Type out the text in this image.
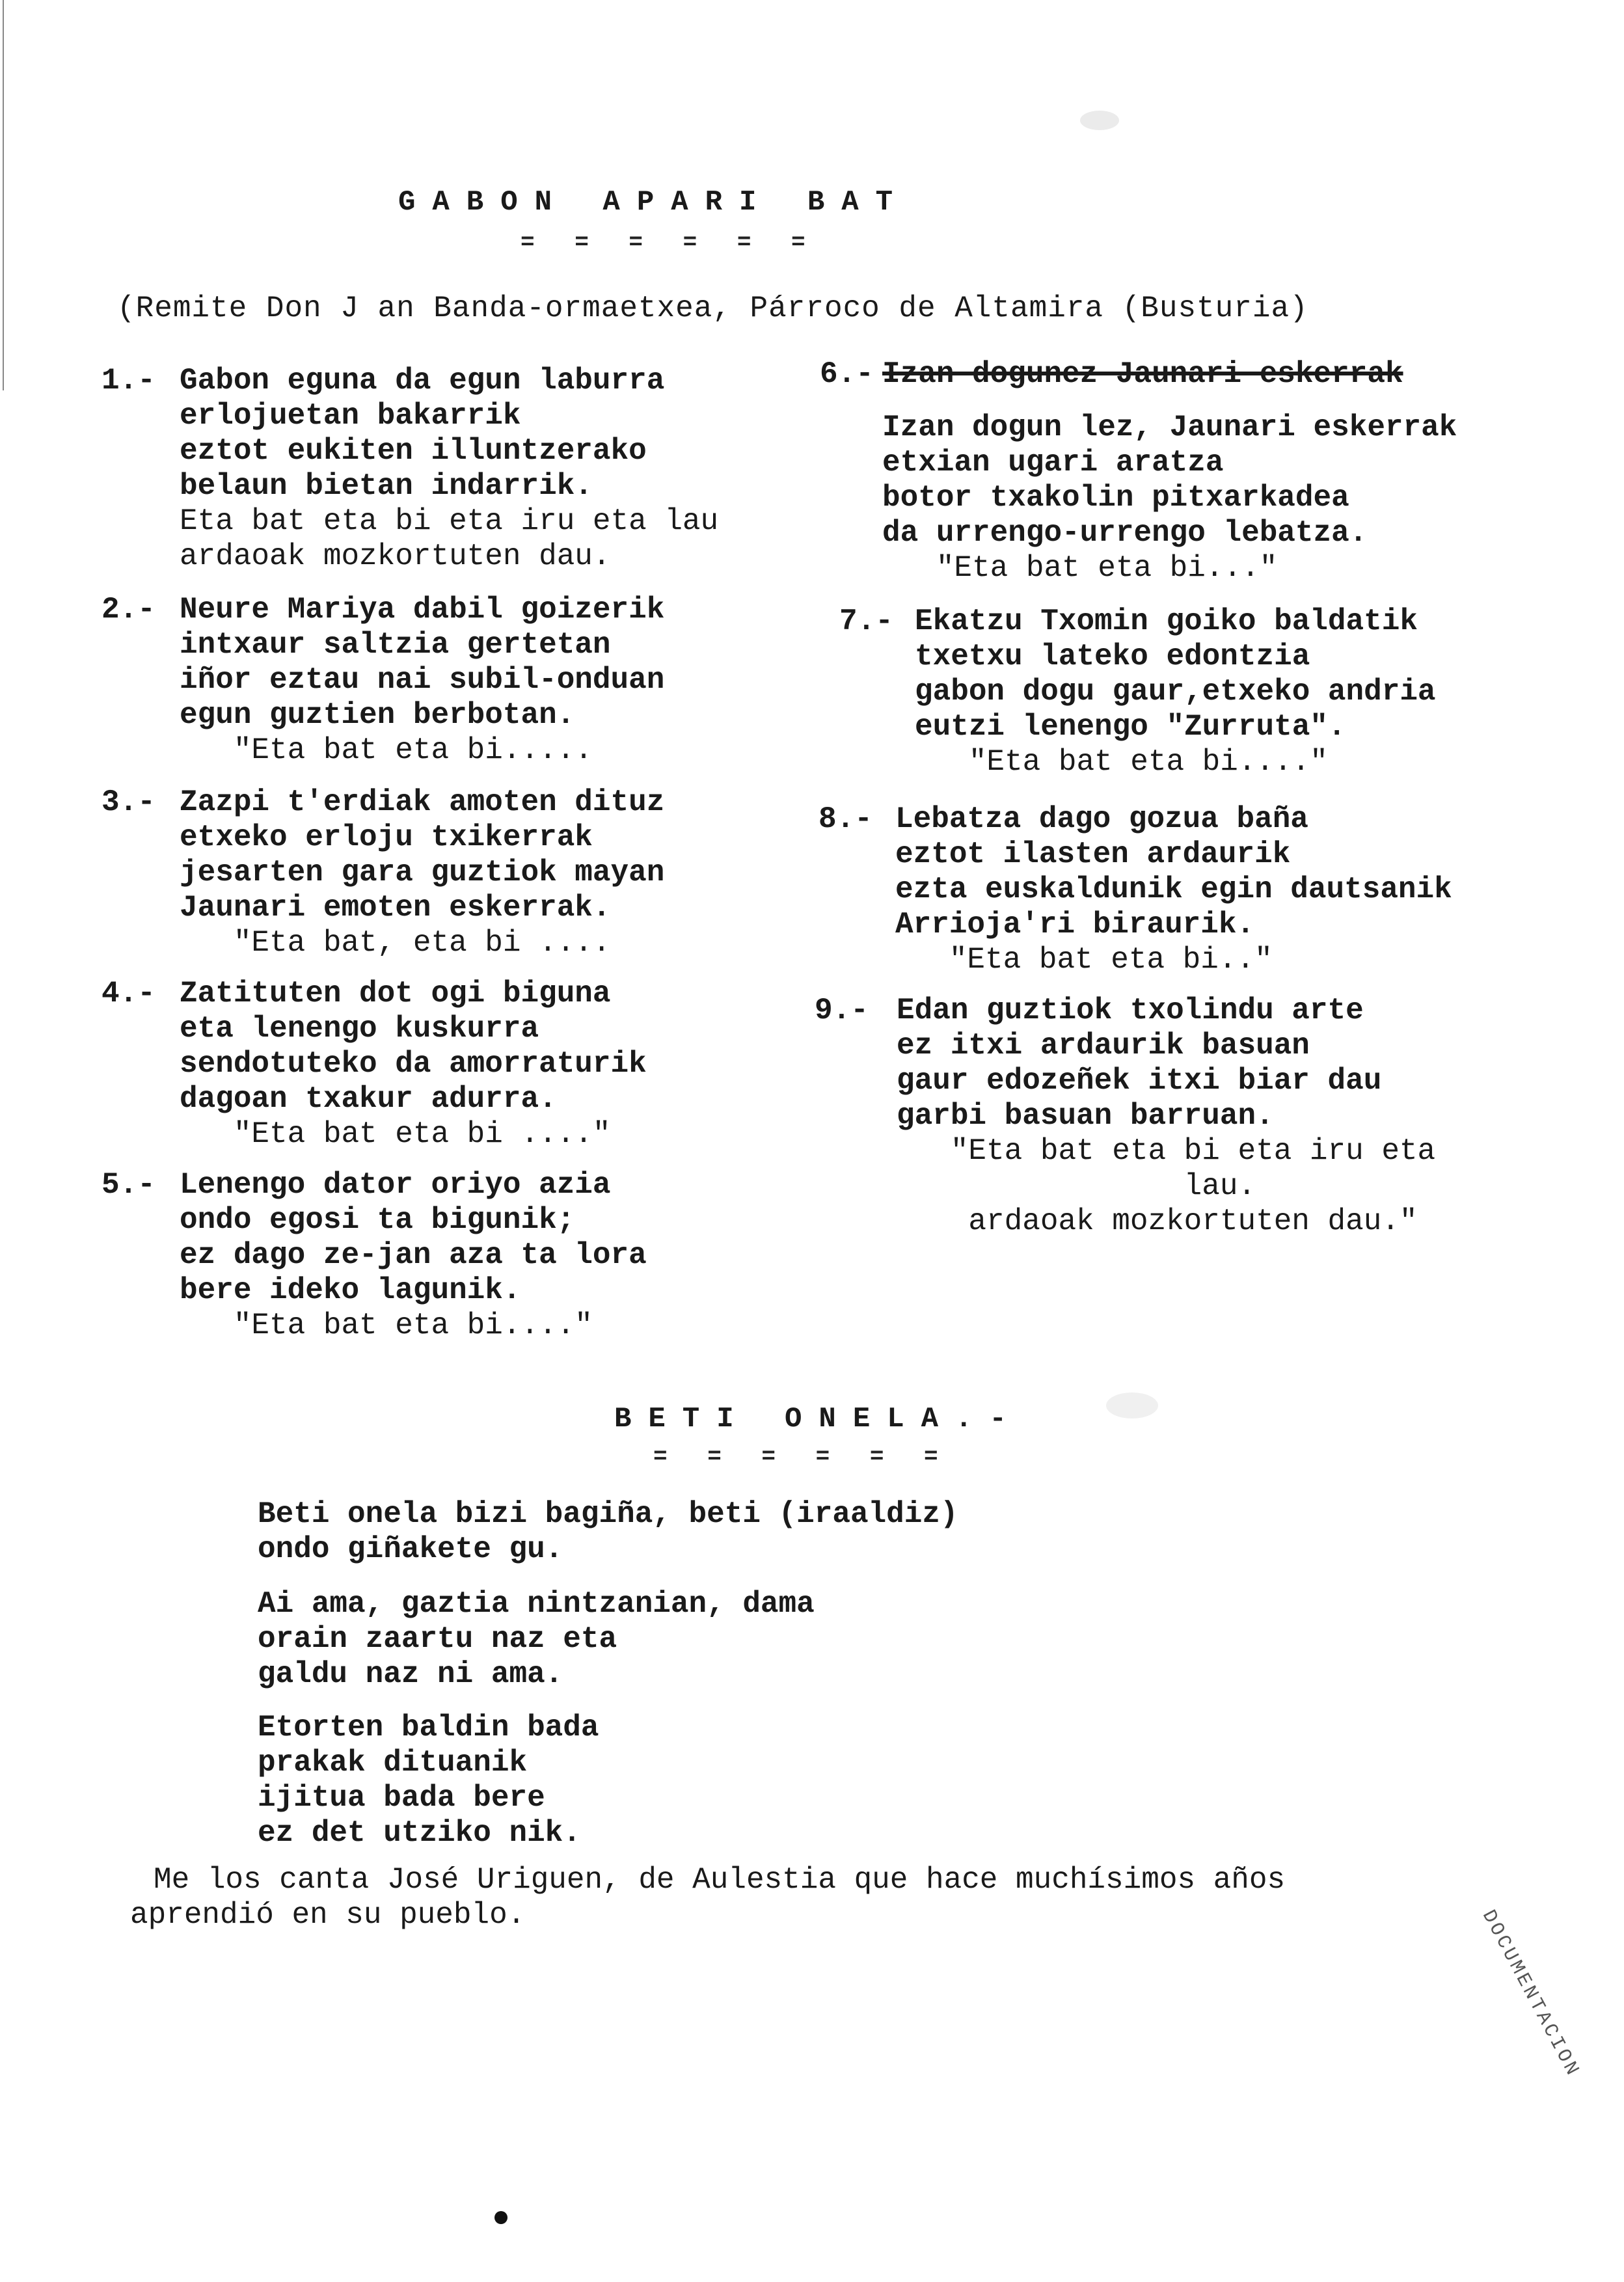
GABON APARI BAT
= = = = = =
(Remite Don J an Banda-ormaetxea, Párroco de Altamira (Busturia)
1.- Gabon eguna da egun laburra
erlojuetan bakarrik
eztot eukiten illuntzerako
belaun bietan indarrik.
Eta bat eta bi eta iru eta lau
ardaoak mozkortuten dau.
2.- Neure Mariya dabil goizerik
intxaur saltzia gertetan
iñor eztau nai subil-onduan
egun guztien berbotan.
"Eta bat eta bi.....
3.- Zazpi t'erdiak amoten dituz
etxeko erloju txikerrak
jesarten gara guztiok mayan
Jaunari emoten eskerrak.
"Eta bat, eta bi ....
4.- Zatituten dot ogi biguna
eta lenengo kuskurra
sendotuteko da amorraturik
dagoan txakur adurra.
"Eta bat eta bi ...."
5.- Lenengo dator oriyo azia
ondo egosi ta bigunik;
ez dago ze-jan aza ta lora
bere ideko lagunik.
"Eta bat eta bi...."
6.- Izan dogunez Jaunari eskerrak
Izan dogun lez, Jaunari eskerrak
etxian ugari aratza
botor txakolin pitxarkadea
da urrengo-urrengo lebatza.
"Eta bat eta bi..."
7.- Ekatzu Txomin goiko baldatik
txetxu lateko edontzia
gabon dogu gaur,etxeko andria
eutzi lenengo "Zurruta".
"Eta bat eta bi...."
8.- Lebatza dago gozua baña
eztot ilasten ardaurik
ezta euskaldunik egin dautsanik
Arrioja'ri biraurik.
"Eta bat eta bi.."
9.- Edan guztiok txolindu arte
ez itxi ardaurik basuan
gaur edozeñek itxi biar dau
garbi basuan barruan.
"Eta bat eta bi eta iru eta
lau.
ardaoak mozkortuten dau."
BETI ONELA.-
= = = = = =
Beti onela bizi bagiña, beti (iraaldiz)
ondo giñakete gu.
Ai ama, gaztia nintzanian, dama
orain zaartu naz eta
galdu naz ni ama.
Etorten baldin bada
prakak dituanik
ijitua bada bere
ez det utziko nik.
Me los canta José Uriguen, de Aulestia que hace muchísimos años
aprendió en su pueblo.	DOCUMENTACION
